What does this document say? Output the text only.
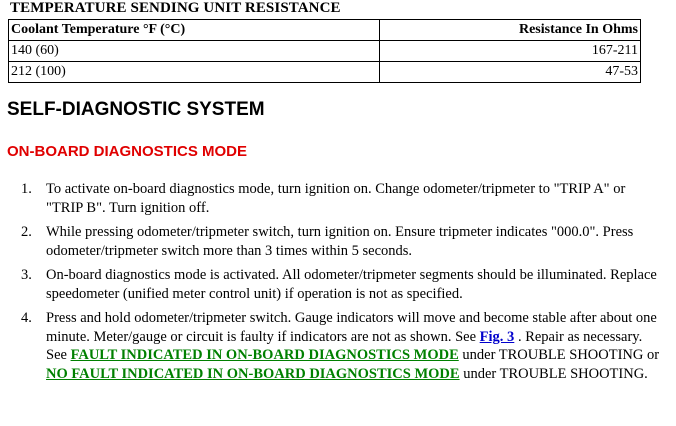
TEMPERATURE SENDING UNIT RESISTANCE
Coolant Temperature °F (°C)	Resistance In Ohms
140 (60)	167-211
212 (100)	47-53
SELF-DIAGNOSTIC SYSTEM
ON-BOARD DIAGNOSTICS MODE
1. To activate on-board diagnostics mode, turn ignition on. Change odometer/tripmeter to "TRIP A" or "TRIP B". Turn ignition off.
2. While pressing odometer/tripmeter switch, turn ignition on. Ensure tripmeter indicates "000.0". Press odometer/tripmeter switch more than 3 times within 5 seconds.
3. On-board diagnostics mode is activated. All odometer/tripmeter segments should be illuminated. Replace speedometer (unified meter control unit) if operation is not as specified.
4. Press and hold odometer/tripmeter switch. Gauge indicators will move and become stable after about one minute. Meter/gauge or circuit is faulty if indicators are not as shown. See Fig. 3 . Repair as necessary. See FAULT INDICATED IN ON-BOARD DIAGNOSTICS MODE under TROUBLE SHOOTING or NO FAULT INDICATED IN ON-BOARD DIAGNOSTICS MODE under TROUBLE SHOOTING.
